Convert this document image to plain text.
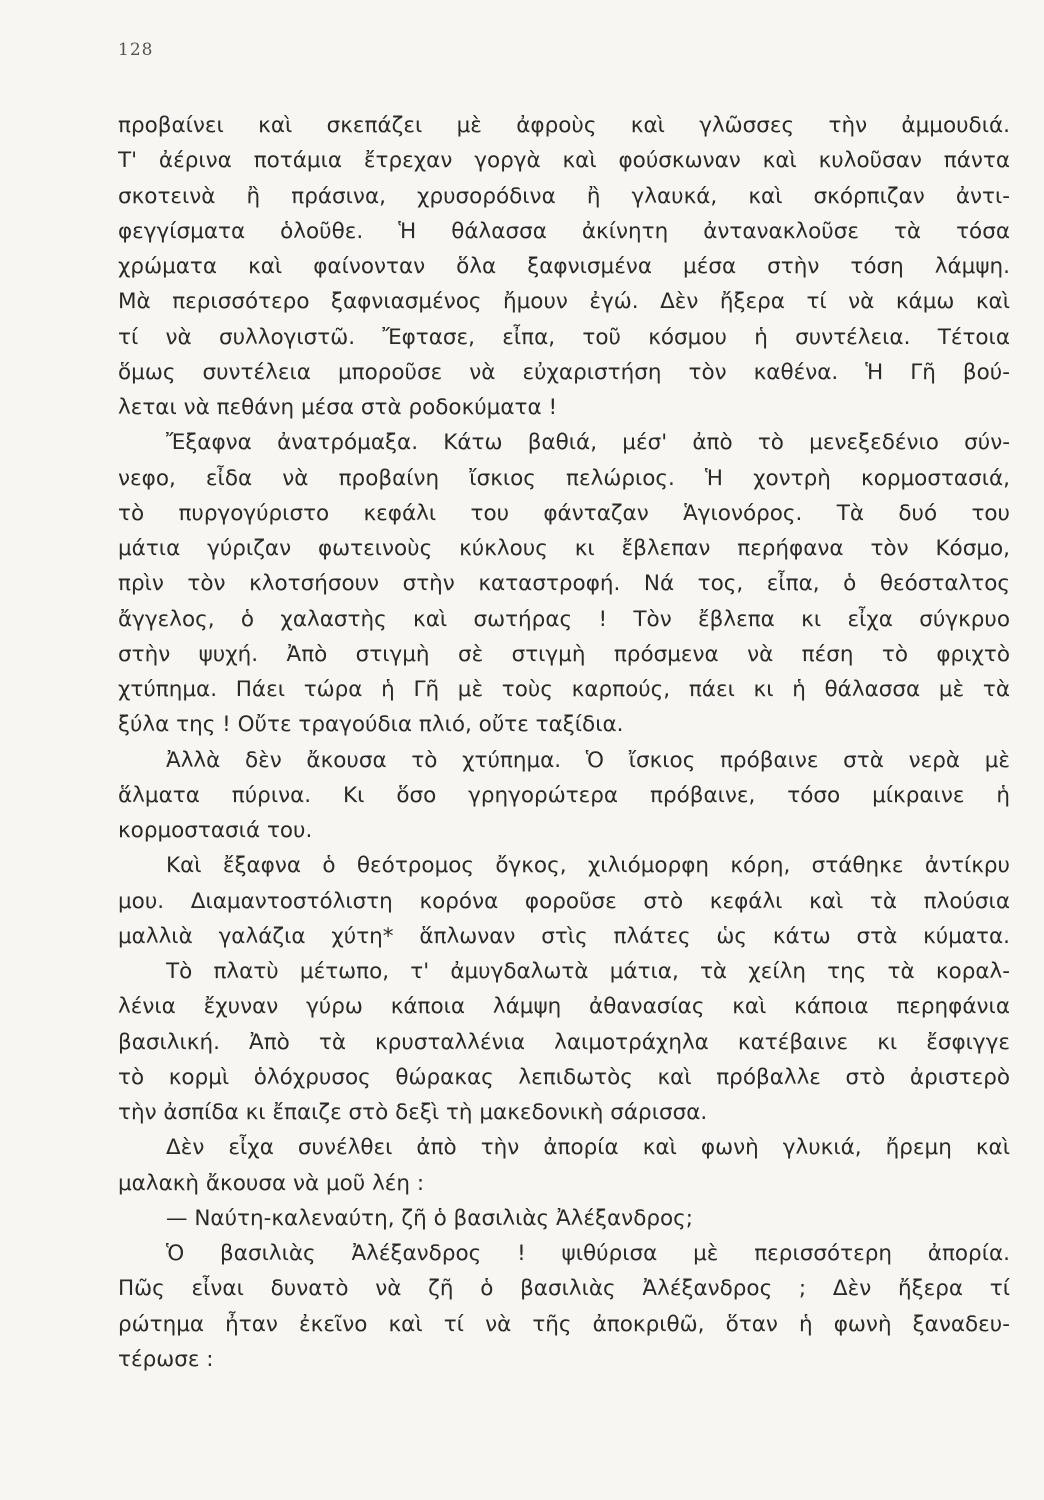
128
προβαίνει καὶ σκεπάζει μὲ ἀφροὺς καὶ γλῶσσες τὴν ἀμμουδιά.
Τ' ἀέρινα ποτάμια ἔτρεχαν γοργὰ καὶ φούσκωναν καὶ κυλοῦσαν πάντα
σκοτεινὰ ἢ πράσινα, χρυσορόδινα ἢ γλαυκά, καὶ σκόρπιζαν ἀντι-
φεγγίσματα ὁλοῦθε. Ἡ θάλασσα ἀκίνητη ἀντανακλοῦσε τὰ τόσα
χρώματα καὶ φαίνονταν ὅλα ξαφνισμένα μέσα στὴν τόση λάμψη.
Μὰ περισσότερο ξαφνιασμένος ἤμουν ἐγώ. Δὲν ἤξερα τί νὰ κάμω καὶ
τί νὰ συλλογιστῶ. Ἔφτασε, εἶπα, τοῦ κόσμου ἡ συντέλεια. Τέτοια
ὅμως συντέλεια μποροῦσε νὰ εὐχαριστήση τὸν καθένα. Ἡ Γῆ βού-
λεται νὰ πεθάνη μέσα στὰ ροδοκύματα !
Ἔξαφνα ἀνατρόμαξα. Κάτω βαθιά, μέσ' ἀπὸ τὸ μενεξεδένιο σύν-
νεφο, εἶδα νὰ προβαίνη ἴσκιος πελώριος. Ἡ χοντρὴ κορμοστασιά,
τὸ πυργογύριστο κεφάλι του φάνταζαν Ἁγιονόρος. Τὰ δυό του
μάτια γύριζαν φωτεινοὺς κύκλους κι ἔβλεπαν περήφανα τὸν Κόσμο,
πρὶν τὸν κλοτσήσουν στὴν καταστροφή. Νά τος, εἶπα, ὁ θεόσταλτος
ἄγγελος, ὁ χαλαστὴς καὶ σωτήρας ! Τὸν ἔβλεπα κι εἶχα σύγκρυο
στὴν ψυχή. Ἀπὸ στιγμὴ σὲ στιγμὴ πρόσμενα νὰ πέση τὸ φριχτὸ
χτύπημα. Πάει τώρα ἡ Γῆ μὲ τοὺς καρπούς, πάει κι ἡ θάλασσα μὲ τὰ
ξύλα της ! Οὔτε τραγούδια πλιό, οὔτε ταξίδια.
Ἀλλὰ δὲν ἄκουσα τὸ χτύπημα. Ὁ ἴσκιος πρόβαινε στὰ νερὰ μὲ
ἅλματα πύρινα. Κι ὅσο γρηγορώτερα πρόβαινε, τόσο μίκραινε ἡ
κορμοστασιά του.
Καὶ ἔξαφνα ὁ θεότρομος ὄγκος, χιλιόμορφη κόρη, στάθηκε ἀντίκρυ
μου. Διαμαντοστόλιστη κορόνα φοροῦσε στὸ κεφάλι καὶ τὰ πλούσια
μαλλιὰ γαλάζια χύτη* ἅπλωναν στὶς πλάτες ὡς κάτω στὰ κύματα.
Τὸ πλατὺ μέτωπο, τ' ἀμυγδαλωτὰ μάτια, τὰ χείλη της τὰ κοραλ-
λένια ἔχυναν γύρω κάποια λάμψη ἀθανασίας καὶ κάποια περηφάνια
βασιλική. Ἀπὸ τὰ κρυσταλλένια λαιμοτράχηλα κατέβαινε κι ἔσφιγγε
τὸ κορμὶ ὁλόχρυσος θώρακας λεπιδωτὸς καὶ πρόβαλλε στὸ ἀριστερὸ
τὴν ἀσπίδα κι ἔπαιζε στὸ δεξὶ τὴ μακεδονικὴ σάρισσα.
Δὲν εἶχα συνέλθει ἀπὸ τὴν ἀπορία καὶ φωνὴ γλυκιά, ἤρεμη καὶ
μαλακὴ ἄκουσα νὰ μοῦ λέη :
— Ναύτη-καλεναύτη, ζῆ ὁ βασιλιὰς Ἀλέξανδρος;
Ὁ βασιλιὰς Ἀλέξανδρος ! ψιθύρισα μὲ περισσότερη ἀπορία.
Πῶς εἶναι δυνατὸ νὰ ζῆ ὁ βασιλιὰς Ἀλέξανδρος ; Δὲν ἤξερα τί
ρώτημα ἦταν ἐκεῖνο καὶ τί νὰ τῆς ἀποκριθῶ, ὅταν ἡ φωνὴ ξαναδευ-
τέρωσε :
